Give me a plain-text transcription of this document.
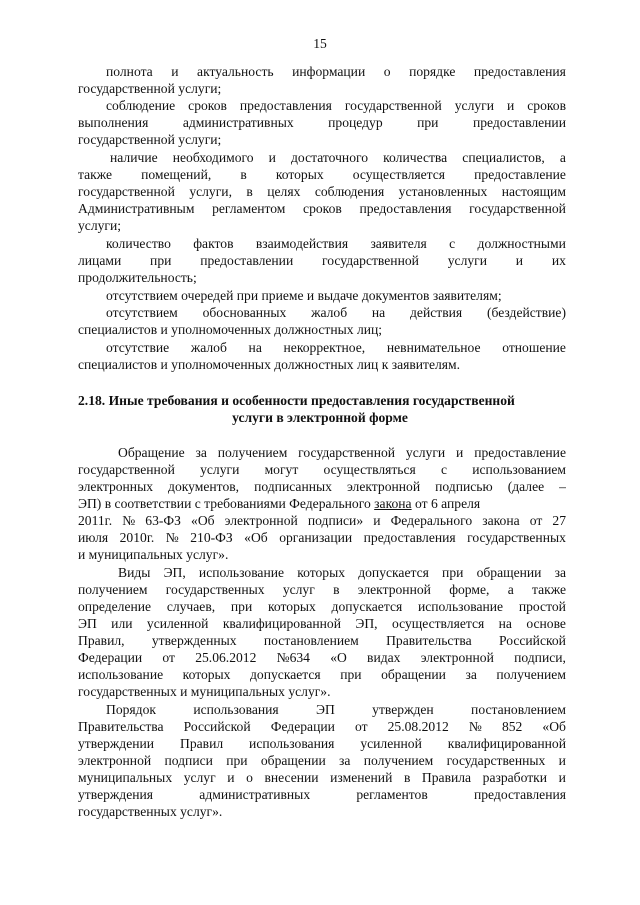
15
полнота и актуальность информации о порядке предоставления
государственной услуги;
соблюдение сроков предоставления государственной услуги и сроков
выполнения	административных	процедур	при	предоставлении
государственной услуги;
наличие необходимого и достаточного количества специалистов, а
также помещений, в которых осуществляется предоставление
государственной услуги, в целях соблюдения установленных настоящим
Административным регламентом сроков предоставления государственной
услуги;
количество фактов взаимодействия заявителя с должностными
лицами при предоставлении государственной услуги и их
продолжительность;
отсутствием очередей при приеме и выдаче документов заявителям;
отсутствием обоснованных жалоб на действия (бездействие)
специалистов и уполномоченных должностных лиц;
отсутствие жалоб на некорректное, невнимательное отношение
специалистов и уполномоченных должностных лиц к заявителям.
2.18. Иные требования и особенности предоставления государственной
услуги в электронной форме
Обращение за получением государственной услуги и предоставление
государственной услуги могут осуществляться с использованием
электронных документов, подписанных электронной подписью (далее –
ЭП) в соответствии с требованиями Федерального закона от 6 апреля
2011г. № 63-ФЗ «Об электронной подписи» и Федерального закона от 27
июля 2010г. № 210-ФЗ «Об организации предоставления государственных
и муниципальных услуг».
Виды ЭП, использование которых допускается при обращении за
получением государственных услуг в электронной форме, а также
определение случаев, при которых допускается использование простой
ЭП или усиленной квалифицированной ЭП, осуществляется на основе
Правил, утвержденных постановлением Правительства Российской
Федерации от 25.06.2012 №634 «О видах электронной подписи,
использование которых допускается при обращении за получением
государственных и муниципальных услуг».
Порядок	использования	ЭП	утвержден	постановлением
Правительства Российской Федерации от 25.08.2012 № 852 «Об
утверждении Правил использования усиленной квалифицированной
электронной подписи при обращении за получением государственных и
муниципальных услуг и о внесении изменений в Правила разработки и
утверждения	административных	регламентов	предоставления
государственных услуг».
